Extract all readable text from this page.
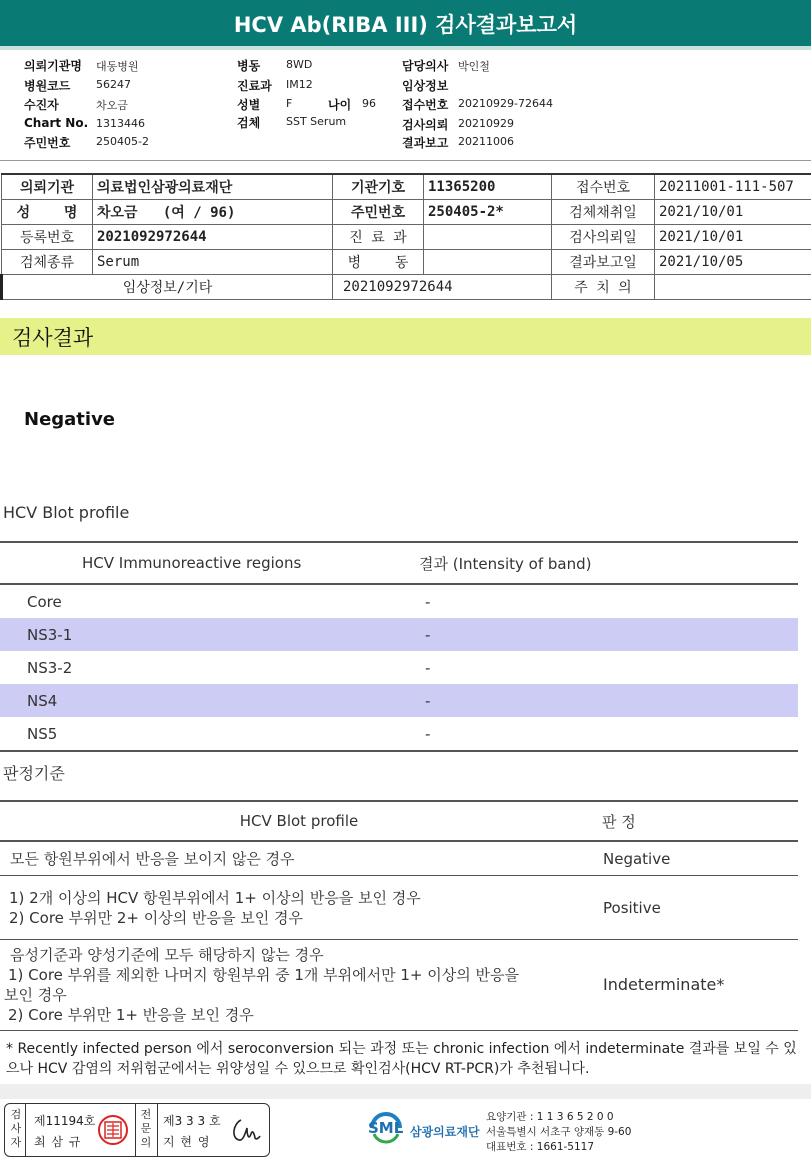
HCV Ab(RIBA III) 검사결과보고서
의뢰기관명 대동병원
병원코드 56247
수진자	차오금
Chart No. 1313446
주민번호 250405-2
병동 8WD
진료과 IM12
성별 F	나이 96
검체 SST Serum
담당의사 박인철
임상정보
접수번호 20210929-72644
검사의뢰 20210929
결과보고 20211006
의뢰기관	의료법인삼광의료재단	기관기호	11365200	접수번호	20211001-111-507
성    명	차오금   (여 / 96)	주민번호	250405-2*	검체채취일	2021/10/01
등록번호	2021092972644	진 료 과		검사의뢰일	2021/10/01
검체종류	Serum	병    동		결과보고일	2021/10/05
임상정보/기타		2021092972644		주 치 의	
검사결과
Negative
HCV Blot profile
HCV Immunoreactive regions	결과 (Intensity of band)
Core	-
NS3-1	-
NS3-2	-
NS4	-
NS5	-
판정기준
HCV Blot profile	판 정
모든 항원부위에서 반응을 보이지 않은 경우	Negative

1) 2개 이상의 HCV 항원부위에서 1+ 이상의 반응을 보인 경우
2) Core 부위만 2+ 이상의 반응을 보인 경우	Positive

음성기준과 양성기준에 모두 해당하지 않는 경우
1) Core 부위를 제외한 나머지 항원부위 중 1개 부위에서만 1+ 이상의 반응을
보인 경우
2) Core 부위만 1+ 반응을 보인 경우	Indeterminate*
* Recently infected person 에서 seroconversion 되는 과정 또는 chronic infection 에서 indeterminate 결과를 보일 수 있으나 HCV 감염의 저위험군에서는 위양성일 수 있으므로 확인검사(HCV RT-PCR)가 추천됩니다.
검사자
제11194호
최 삼 규
전문의
제3 3 3 호
지 현 영
SML 삼광의료재단
요양기관 : 1 1 3 6 5 2 0 0
서울특별시 서초구 양재동 9-60
대표번호 : 1661-5117
